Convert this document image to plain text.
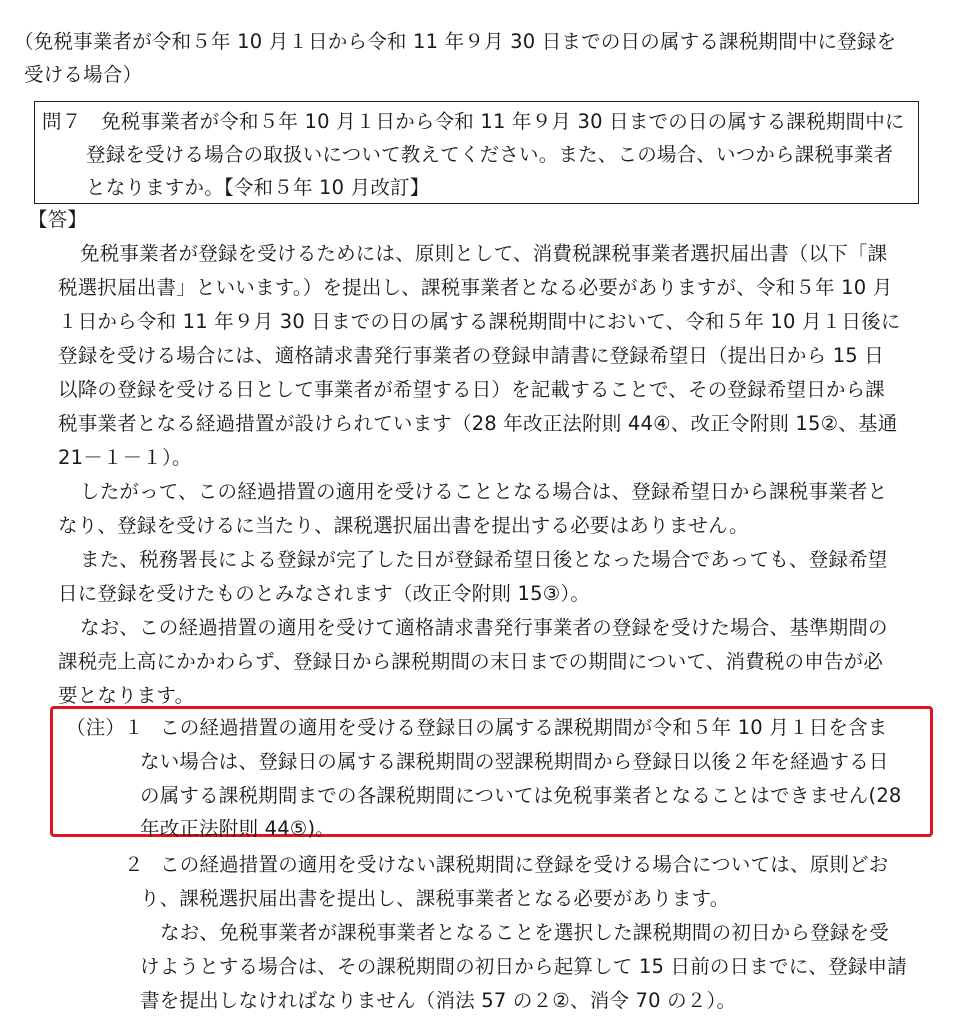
（免税事業者が令和５年 10 月１日から令和 11 年９月 30 日までの日の属する課税期間中に登録を
受ける場合）
問７　免税事業者が令和５年 10 月１日から令和 11 年９月 30 日までの日の属する課税期間中に
登録を受ける場合の取扱いについて教えてください。また、この場合、いつから課税事業者
となりますか。【令和５年 10 月改訂】
【答】
免税事業者が登録を受けるためには、原則として、消費税課税事業者選択届出書（以下「課
税選択届出書」といいます。）を提出し、課税事業者となる必要がありますが、令和５年 10 月
１日から令和 11 年９月 30 日までの日の属する課税期間中において、令和５年 10 月１日後に
登録を受ける場合には、適格請求書発行事業者の登録申請書に登録希望日（提出日から 15 日
以降の登録を受ける日として事業者が希望する日）を記載することで、その登録希望日から課
税事業者となる経過措置が設けられています（28 年改正法附則 44④、改正令附則 15②、基通
21－１－１）。
したがって、この経過措置の適用を受けることとなる場合は、登録希望日から課税事業者と
なり、登録を受けるに当たり、課税選択届出書を提出する必要はありません。
また、税務署長による登録が完了した日が登録希望日後となった場合であっても、登録希望
日に登録を受けたものとみなされます（改正令附則 15③）。
なお、この経過措置の適用を受けて適格請求書発行事業者の登録を受けた場合、基準期間の
課税売上高にかかわらず、登録日から課税期間の末日までの期間について、消費税の申告が必
要となります。
（注）
１ この経過措置の適用を受ける登録日の属する課税期間が令和５年 10 月１日を含ま
ない場合は、登録日の属する課税期間の翌課税期間から登録日以後２年を経過する日
の属する課税期間までの各課税期間については免税事業者となることはできません(28
年改正法附則 44⑤)。
２ この経過措置の適用を受けない課税期間に登録を受ける場合については、原則どお
り、課税選択届出書を提出し、課税事業者となる必要があります。
なお、免税事業者が課税事業者となることを選択した課税期間の初日から登録を受
けようとする場合は、その課税期間の初日から起算して 15 日前の日までに、登録申請
書を提出しなければなりません（消法 57 の２②、消令 70 の２）。
